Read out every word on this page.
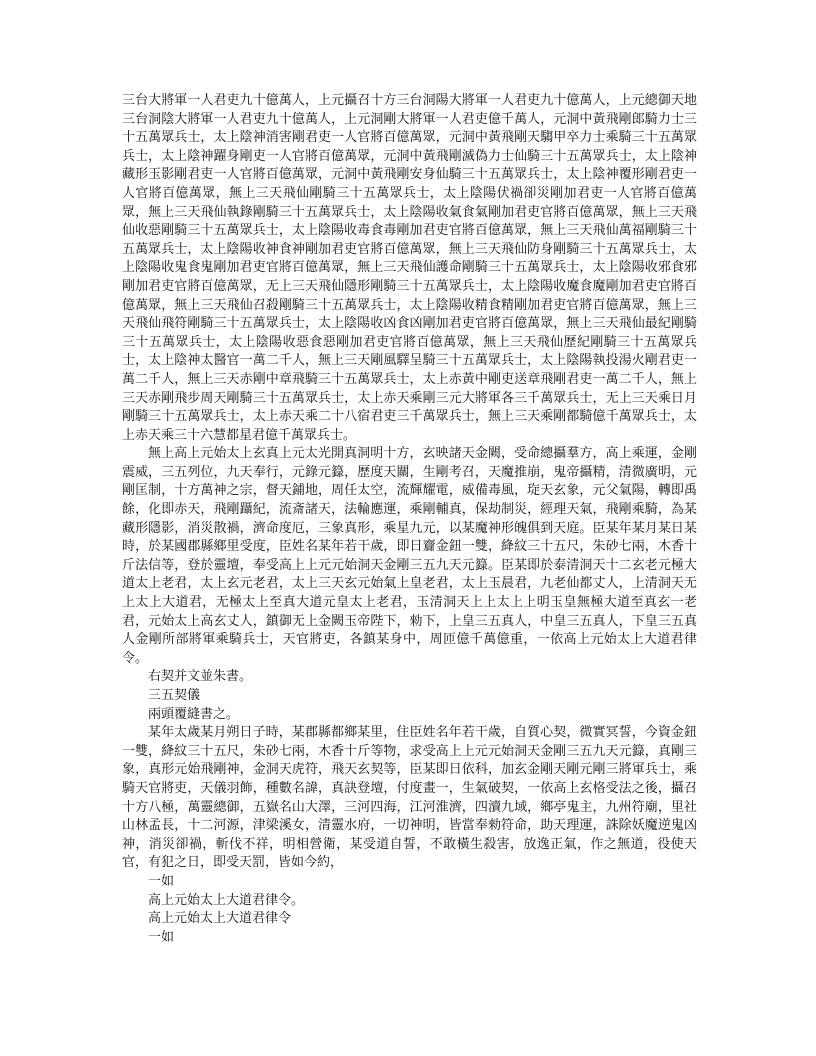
三台大將軍一人君吏九十億萬人，上元攝召十方三台洞陽大將軍一人君吏九十億萬人，上元總御天地三台洞陰大將軍一人君吏九十億萬人，上元洞剛大將軍一人君吏億千萬人，元洞中黃飛剛郎騎力士三十五萬眾兵士，太上陰神消害剛君吏一人官將百億萬眾，元洞中黃飛剛天騶甲卒力士乘騎三十五萬眾兵士，太上陰神躍身剛吏一人官將百億萬眾，元洞中黃飛剛滅偽力士仙騎三十五萬眾兵士，太上陰神藏形玉影剛君吏一人官將百億萬眾，元洞中黃飛剛安身仙騎三十五萬眾兵士，太上陰神覆形剛君吏一人官將百億萬眾，無上三天飛仙剛騎三十五萬眾兵士，太上陰陽伏禍卻災剛加君吏一人官將百億萬眾，無上三天飛仙執錄剛騎三十五萬眾兵士，太上陰陽收氣食氣剛加君吏官將百億萬眾，無上三天飛仙收惡剛騎三十五萬眾兵士，太上陰陽收毒食毒剛加君吏官將百億萬眾，無上三天飛仙萬福剛騎三十五萬眾兵士，太上陰陽收神食神剛加君吏官將百億萬眾，無上三天飛仙防身剛騎三十五萬眾兵士，太上陰陽收鬼食鬼剛加君吏官將百億萬眾，無上三天飛仙護命剛騎三十五萬眾兵士，太上陰陽收邪食邪剛加君吏官將百億萬眾，无上三天飛仙隱形剛騎三十五萬眾兵士，太上陰陽收魔食魔剛加君吏官將百億萬眾，無上三天飛仙召殺剛騎三十五萬眾兵士，太上陰陽收精食精剛加君吏官將百億萬眾，無上三天飛仙飛符剛騎三十五萬眾兵士，太上陰陽收凶食凶剛加君吏官將百億萬眾，無上三天飛仙最紀剛騎三十五萬眾兵士，太上陰陽收惡食惡剛加君吏官將百億萬眾，無上三天飛仙歷紀剛騎三十五萬眾兵士，太上陰神太醫官一萬二千人，無上三天剛風驛呈騎三十五萬眾兵士，太上陰陽執投湯火剛君吏一萬二千人，無上三天赤剛中章飛騎三十五萬眾兵士，太上赤黃中剛吏送章飛剛君吏一萬二千人，無上三天赤剛飛步周天剛騎三十五萬眾兵士，太上赤天乘剛三元大將軍各三千萬眾兵士，无上三天乘日月剛騎三十五萬眾兵士，太上赤天乘二十八宿君吏三千萬眾兵士，無上三天乘剛都騎億千萬眾兵士，太上赤天乘三十六慧都星君億千萬眾兵士。

無上高上元始太上玄真上元太光開真洞明十方，玄映諸天金闕，受命總攝羣方，高上乘運，金剛震威，三五列位，九天奉行，元錄元籙，歷度天關，生剛考召，天魔推崩，鬼帝攝精，清微廣明，元剛匡制，十方萬神之宗，督天鋪地，周任太空，流輝耀電，威備毒風，琁天玄象，元父氣陽，轉即禹餘，化即赤天，飛剛躡紀，流斎諸天，法輪應運，乘剛輔真，保劫制災，經理天氣，飛剛乘騎，為某藏形隱影，消災散禍，濟命度厄，三象真形，乘星九元，以某魔神形魄俱到天庭。臣某年某月某日某時，於某國郡縣鄉里受度，臣姓名某年若干歲，即日齎金鈕一雙，絳紋三十五尺，朱砂七兩，木香十斤法信等，登於靈壇，奉受高上上元元始洞天金剛三五九天元籙。臣某即於泰清洞天十二玄老元極大道太上老君，太上玄元老君，太上三天玄元始氣上皇老君，太上玉晨君，九老仙都丈人，上清洞天无上太上大道君，无極太上至真大道元皇太上老君，玉清洞天上上太上上明玉皇無極大道至真玄一老君，元始太上高玄丈人，鎮御无上金闕玉帝陛下，勑下，上皇三五真人，中皇三五真人，下皇三五真人金剛所部將軍乘騎兵士，天官將吏，各鎮某身中，周匝億千萬億重，一依高上元始太上大道君律令。

右契并文並朱書。

三五契儀

兩頭覆縫書之。

某年太歲某月朔日子時，某郡縣都鄉某里，住臣姓名年若干歲，自質心契，微實冥誓，今資金鈕一雙，絳紋三十五尺，朱砂七兩，木香十斤等物，求受高上上元元始洞天金剛三五九天元籙，真剛三象，真形元始飛剛神，金洞天虎符，飛天玄契等，臣某即日依科，加玄金剛天剛元剛三將軍兵士，乘騎天官將吏，天儀羽飾，種數名諱，真訣登壇，付度畫一，生氣破契，一依高上玄格受法之後，攝召十方八極，萬靈總御，五嶽名山大澤，三河四海，江河淮濟，四瀆九域，鄉亭鬼主，九州符廟，里社山林孟長，十二河源，津梁溪女，清靈水府，一切神明，皆當奉勑符命，助天理運，誅除妖魔逆鬼凶神，消災卻禍，斬伐不祥，明相營衛，某受道自誓，不敢橫生殺害，放逸正氣，作之無道，役使天官，有犯之日，即受天罰，皆如今約，

一如

高上元始太上大道君律令。

高上元始太上大道君律令

一如
